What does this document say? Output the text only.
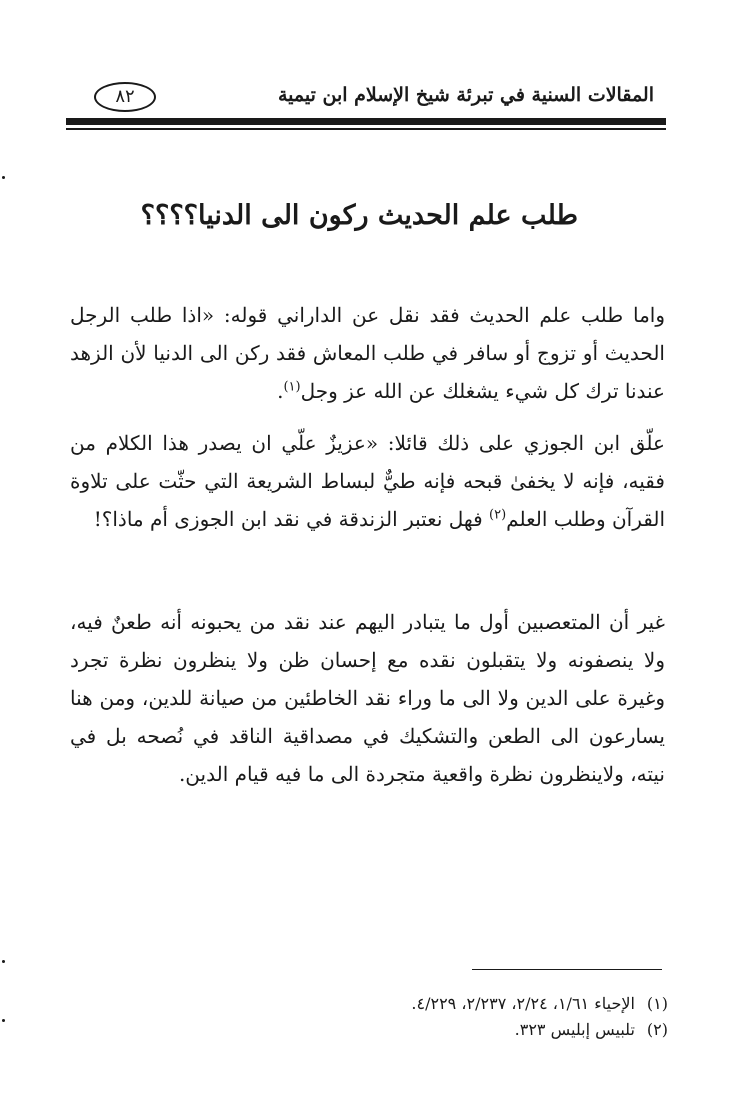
المقالات السنية في تبرئة شيخ الإسلام ابن تيمية
٨٢
طلب علم الحديث ركون الى الدنيا؟؟؟؟
واما طلب علم الحديث فقد نقل عن الداراني قوله: «اذا طلب الرجل الحديث أو تزوج أو سافر في طلب المعاش فقد ركن الى الدنيا لأن الزهد عندنا ترك كل شيء يشغلك عن الله عز وجل$^{(١)}$.
علّق ابن الجوزي على ذلك قائلا: «عزيزٌ علّي ان يصدر هذا الكلام من فقيه، فإنه لا يخفىٰ قبحه فإنه طيٌّ لبساط الشريعة التي حثّت على تلاوة القرآن وطلب العلم$^{(٢)}$ فهل نعتبر الزندقة في نقد ابن الجوزى أم ماذا؟!
غير أن المتعصبين أول ما يتبادر اليهم عند نقد من يحبونه أنه طعنٌ فيه، ولا ينصفونه ولا يتقبلون نقده مع إحسان ظن ولا ينظرون نظرة تجرد وغيرة على الدين ولا الى ما وراء نقد الخاطئين من صيانة للدين، ومن هنا يسارعون الى الطعن والتشكيك في مصداقية الناقد في نُصحه بل في نيته، ولاينظرون نظرة واقعية متجردة الى ما فيه قيام الدين.
(١)الإحياء ١/٦١، ٢/٢٤، ٢/٢٣٧، ٤/٢٢٩.
(٢)تلبيس إبليس ٣٢٣.
